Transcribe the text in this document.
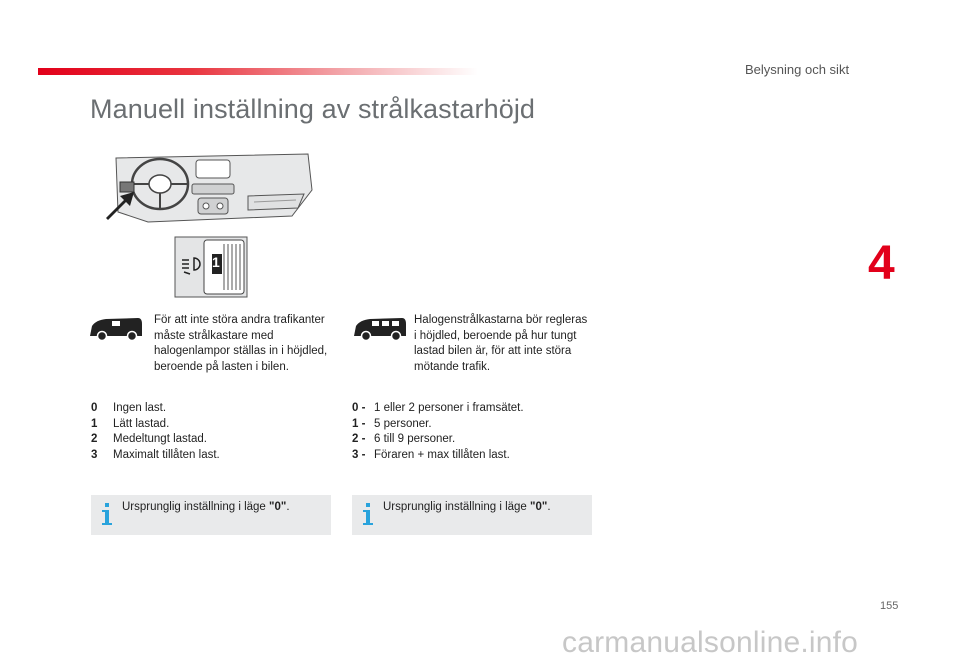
Belysning och sikt
4
Manuell inställning av strålkastarhöjd
1
För att inte störa andra trafikanter
måste strålkastare med
halogenlampor ställas in i höjdled,
beroende på lasten i bilen.
Halogenstrålkastarna bör regleras
i höjdled, beroende på hur tungt
lastad bilen är, för att inte störa
mötande trafik.
0	Ingen last.
1	Lätt lastad.
2	Medeltungt lastad.
3	Maximalt tillåten last.
0 - 1 eller 2 personer i framsätet.
1 - 5 personer.
2 - 6 till 9 personer.
3 - Föraren + max tillåten last.
Ursprunglig inställning i läge "0".	Ursprunglig inställning i läge "0".
155
carmanualsonline.info
